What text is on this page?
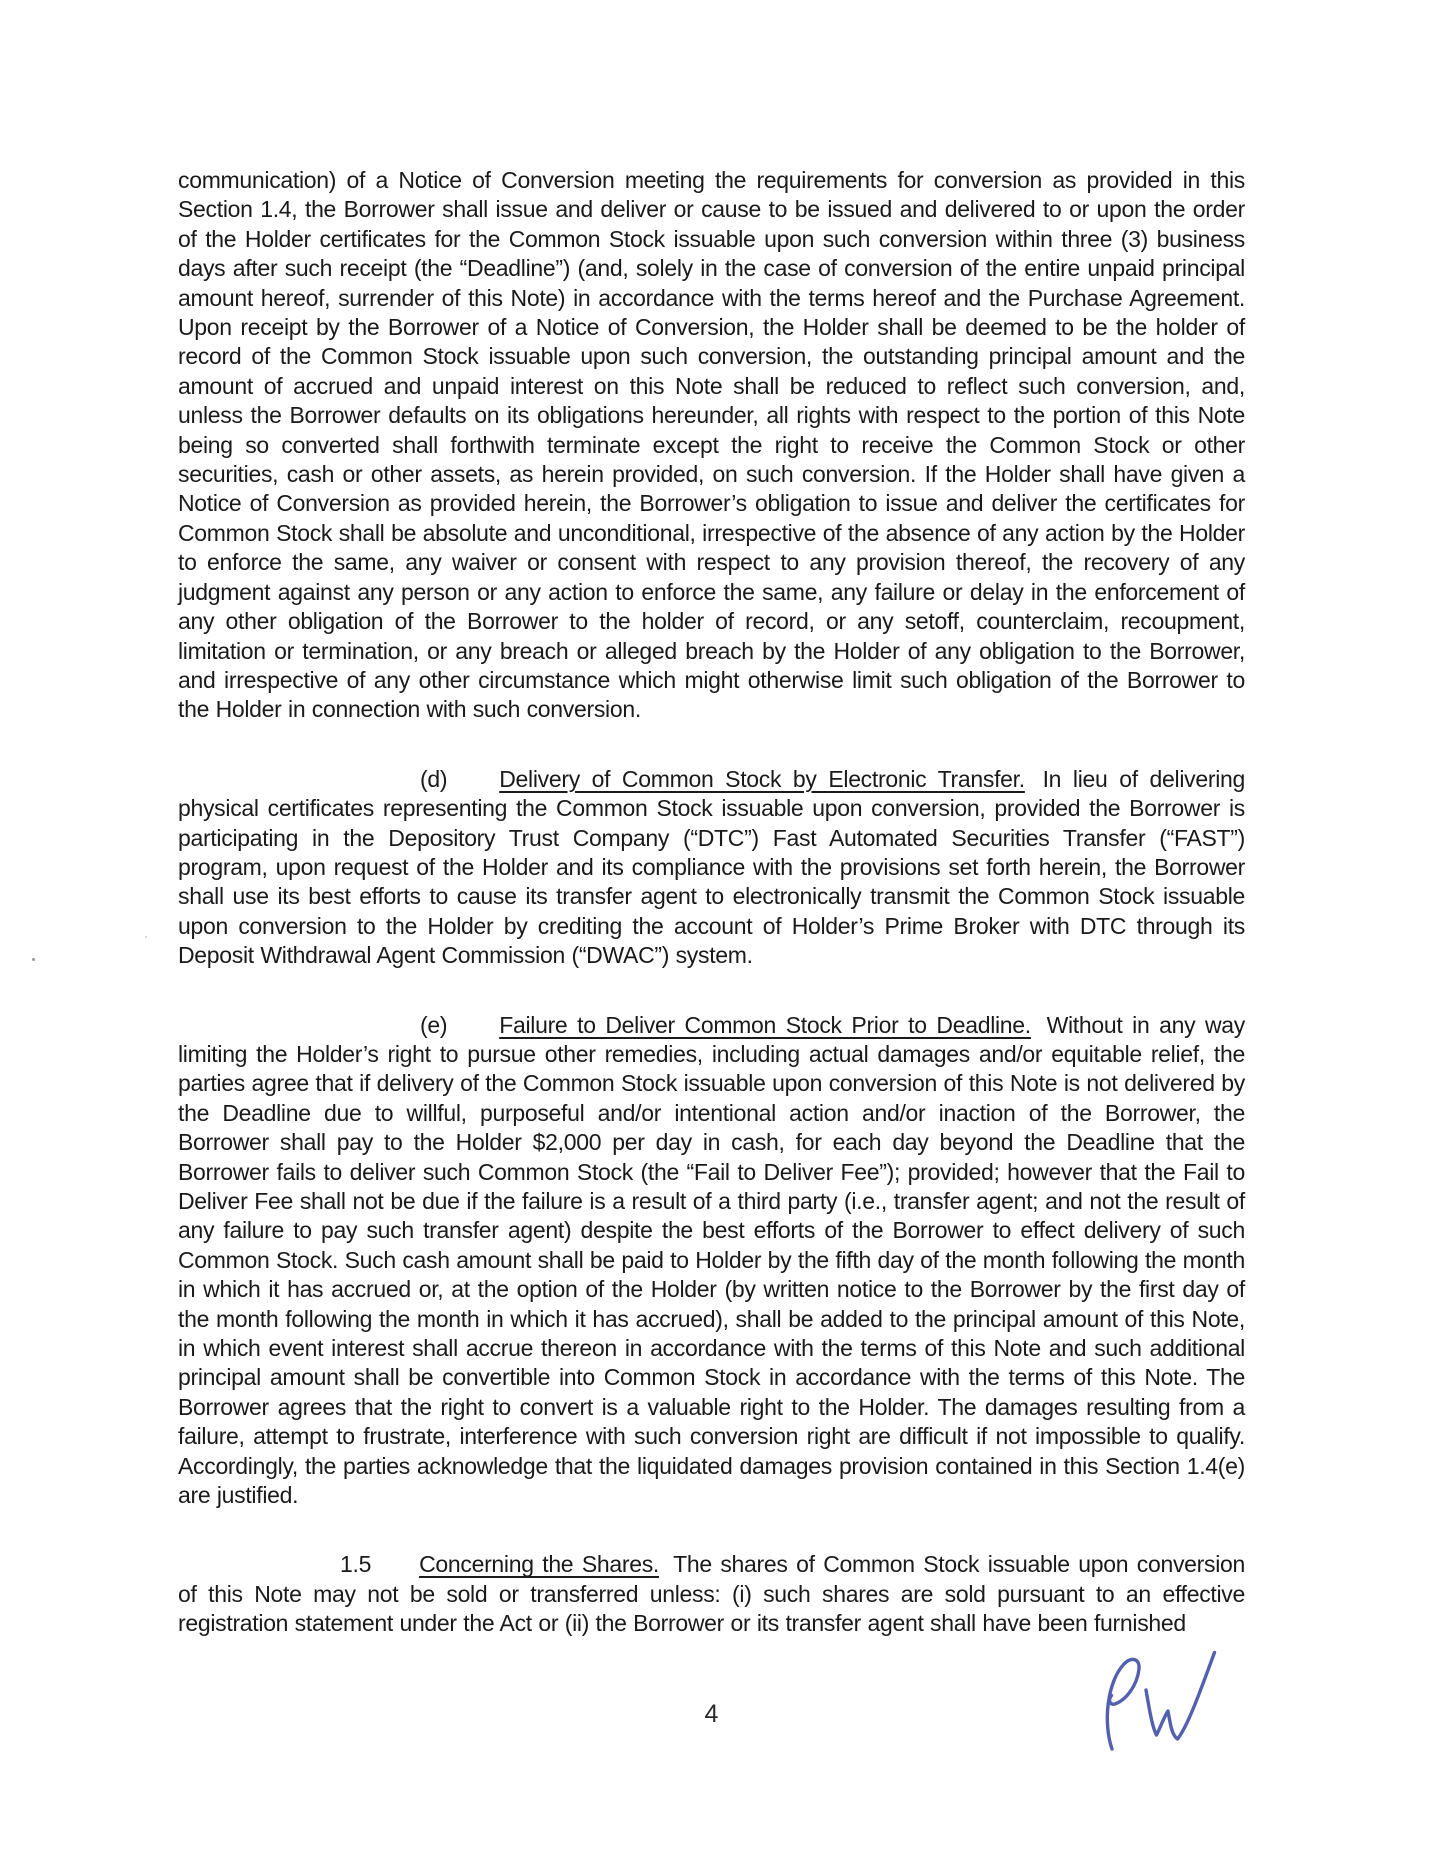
communication) of a Notice of Conversion meeting the requirements for conversion as provided in this Section 1.4, the Borrower shall issue and deliver or cause to be issued and delivered to or upon the order of the Holder certificates for the Common Stock issuable upon such conversion within three (3) business days after such receipt (the “Deadline”) (and, solely in the case of conversion of the entire unpaid principal amount hereof, surrender of this Note) in accordance with the terms hereof and the Purchase Agreement. Upon receipt by the Borrower of a Notice of Conversion, the Holder shall be deemed to be the holder of record of the Common Stock issuable upon such conversion, the outstanding principal amount and the amount of accrued and unpaid interest on this Note shall be reduced to reflect such conversion, and, unless the Borrower defaults on its obligations hereunder, all rights with respect to the portion of this Note being so converted shall forthwith terminate except the right to receive the Common Stock or other securities, cash or other assets, as herein provided, on such conversion. If the Holder shall have given a Notice of Conversion as provided herein, the Borrower’s obligation to issue and deliver the certificates for Common Stock shall be absolute and unconditional, irrespective of the absence of any action by the Holder to enforce the same, any waiver or consent with respect to any provision thereof, the recovery of any judgment against any person or any action to enforce the same, any failure or delay in the enforcement of any other obligation of the Borrower to the holder of record, or any setoff, counterclaim, recoupment, limitation or termination, or any breach or alleged breach by the Holder of any obligation to the Borrower, and irrespective of any other circumstance which might otherwise limit such obligation of the Borrower to the Holder in connection with such conversion.

(d) Delivery of Common Stock by Electronic Transfer. In lieu of delivering physical certificates representing the Common Stock issuable upon conversion, provided the Borrower is participating in the Depository Trust Company (“DTC”) Fast Automated Securities Transfer (“FAST”) program, upon request of the Holder and its compliance with the provisions set forth herein, the Borrower shall use its best efforts to cause its transfer agent to electronically transmit the Common Stock issuable upon conversion to the Holder by crediting the account of Holder’s Prime Broker with DTC through its Deposit Withdrawal Agent Commission (“DWAC”) system.

(e) Failure to Deliver Common Stock Prior to Deadline. Without in any way limiting the Holder’s right to pursue other remedies, including actual damages and/or equitable relief, the parties agree that if delivery of the Common Stock issuable upon conversion of this Note is not delivered by the Deadline due to willful, purposeful and/or intentional action and/or inaction of the Borrower, the Borrower shall pay to the Holder $2,000 per day in cash, for each day beyond the Deadline that the Borrower fails to deliver such Common Stock (the “Fail to Deliver Fee”); provided; however that the Fail to Deliver Fee shall not be due if the failure is a result of a third party (i.e., transfer agent; and not the result of any failure to pay such transfer agent) despite the best efforts of the Borrower to effect delivery of such Common Stock. Such cash amount shall be paid to Holder by the fifth day of the month following the month in which it has accrued or, at the option of the Holder (by written notice to the Borrower by the first day of the month following the month in which it has accrued), shall be added to the principal amount of this Note, in which event interest shall accrue thereon in accordance with the terms of this Note and such additional principal amount shall be convertible into Common Stock in accordance with the terms of this Note. The Borrower agrees that the right to convert is a valuable right to the Holder. The damages resulting from a failure, attempt to frustrate, interference with such conversion right are difficult if not impossible to qualify. Accordingly, the parties acknowledge that the liquidated damages provision contained in this Section 1.4(e) are justified.

1.5 Concerning the Shares. The shares of Common Stock issuable upon conversion of this Note may not be sold or transferred unless: (i) such shares are sold pursuant to an effective registration statement under the Act or (ii) the Borrower or its transfer agent shall have been furnished

4
